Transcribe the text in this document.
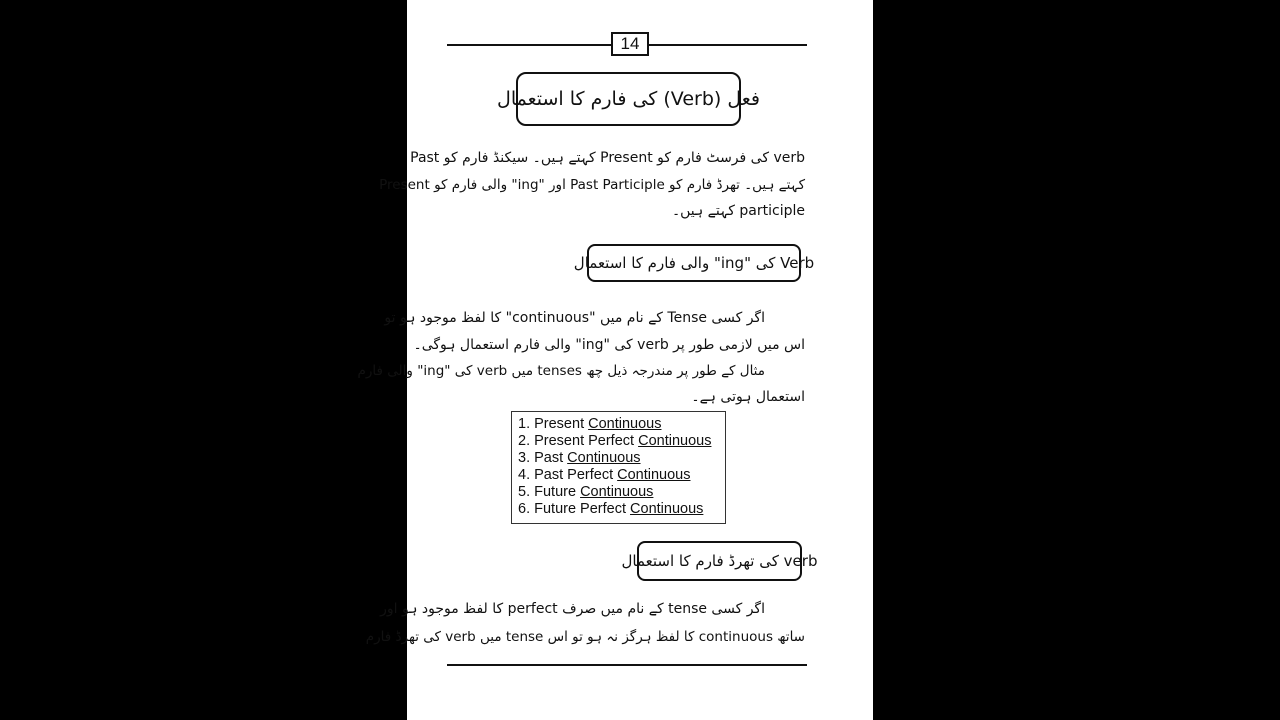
14
فعل (Verb) کی فارم کا استعمال
verb کی فرسٹ فارم کو Present کہتے ہیں۔ سیکنڈ فارم کو Past
کہتے ہیں۔ تھرڈ فارم کو Past Participle اور "ing" والی فارم کو Present
participle کہتے ہیں۔
Verb کی "ing" والی فارم کا استعمال
اگر کسی Tense کے نام میں "continuous" کا لفظ موجود ہو تو
اس میں لازمی طور پر verb کی "ing" والی فارم استعمال ہوگی۔
مثال کے طور پر مندرجہ ذیل چھ tenses میں verb کی "ing" والی فارم
استعمال ہوتی ہے۔
1. Present Continuous
2. Present Perfect Continuous
3. Past Continuous
4. Past Perfect Continuous
5. Future Continuous
6. Future Perfect Continuous
verb کی تھرڈ فارم کا استعمال
اگر کسی tense کے نام میں صرف perfect کا لفظ موجود ہو اور
ساتھ continuous کا لفظ ہرگز نہ ہو تو اس tense میں verb کی تھرڈ فارم
